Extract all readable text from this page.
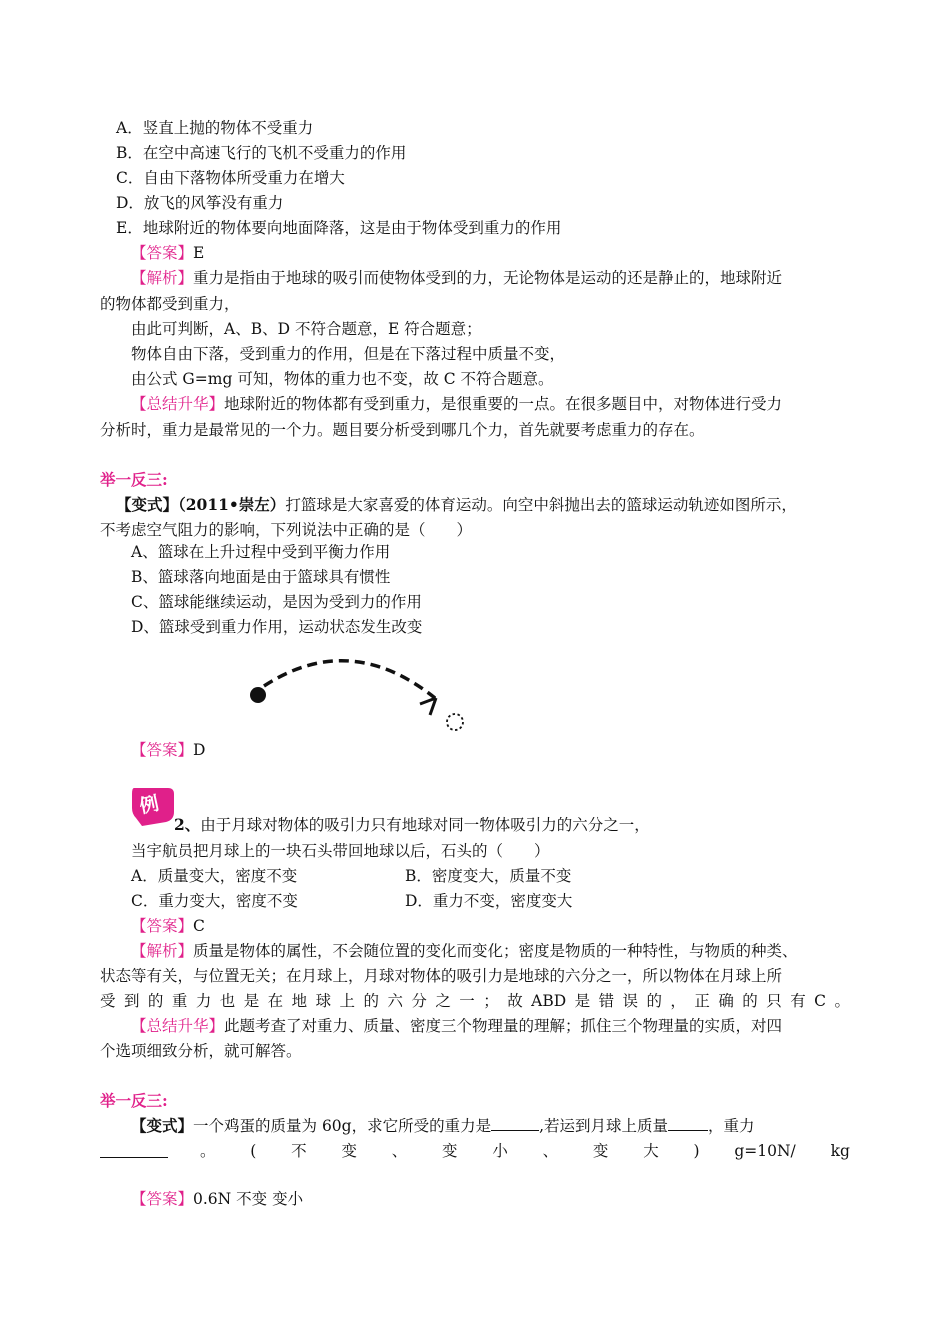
A．竖直上抛的物体不受重力
B．在空中高速飞行的飞机不受重力的作用
C．自由下落物体所受重力在增大
D．放飞的风筝没有重力
E．地球附近的物体要向地面降落，这是由于物体受到重力的作用
【答案】E
【解析】重力是指由于地球的吸引而使物体受到的力，无论物体是运动的还是静止的，地球附近
的物体都受到重力，
由此可判断，A、B、D 不符合题意，E 符合题意；
物体自由下落，受到重力的作用，但是在下落过程中质量不变，
由公式 G=mg 可知，物体的重力也不变，故 C 不符合题意。
【总结升华】地球附近的物体都有受到重力，是很重要的一点。在很多题目中，对物体进行受力
分析时，重力是最常见的一个力。题目要分析受到哪几个力，首先就要考虑重力的存在。
举一反三:
【变式】（2011•崇左）打篮球是大家喜爱的体育运动。向空中斜抛出去的篮球运动轨迹如图所示，
不考虑空气阻力的影响，下列说法中正确的是（　　）
A、篮球在上升过程中受到平衡力作用
B、篮球落向地面是由于篮球具有惯性
C、篮球能继续运动，是因为受到力的作用
D、篮球受到重力作用，运动状态发生改变
【答案】D
例
2、由于月球对物体的吸引力只有地球对同一物体吸引力的六分之一，
当宇航员把月球上的一块石头带回地球以后，石头的（　　）
A．质量变大，密度不变	B．密度变大，质量不变
C．重力变大，密度不变	D．重力不变，密度变大
【答案】C
【解析】质量是物体的属性，不会随位置的变化而变化；密度是物质的一种特性，与物质的种类、
状态等有关，与位置无关；在月球上，月球对物体的吸引力是地球的六分之一，所以物体在月球上所
受 到 的 重 力 也 是 在 地 球 上 的 六 分 之 一 ； 故 ABD 是 错 误 的 ， 正 确 的 只 有 C 。
【总结升华】此题考查了对重力、质量、密度三个物理量的理解；抓住三个物理量的实质，对四
个选项细致分析，就可解答。
举一反三:
【变式】一个鸡蛋的质量为 60g，求它所受的重力是	,若运到月球上质量	，重力
。 ( 不 变 、 变 小 、 变 大 ) g=10N/ kg
【答案】0.6N 不变 变小
